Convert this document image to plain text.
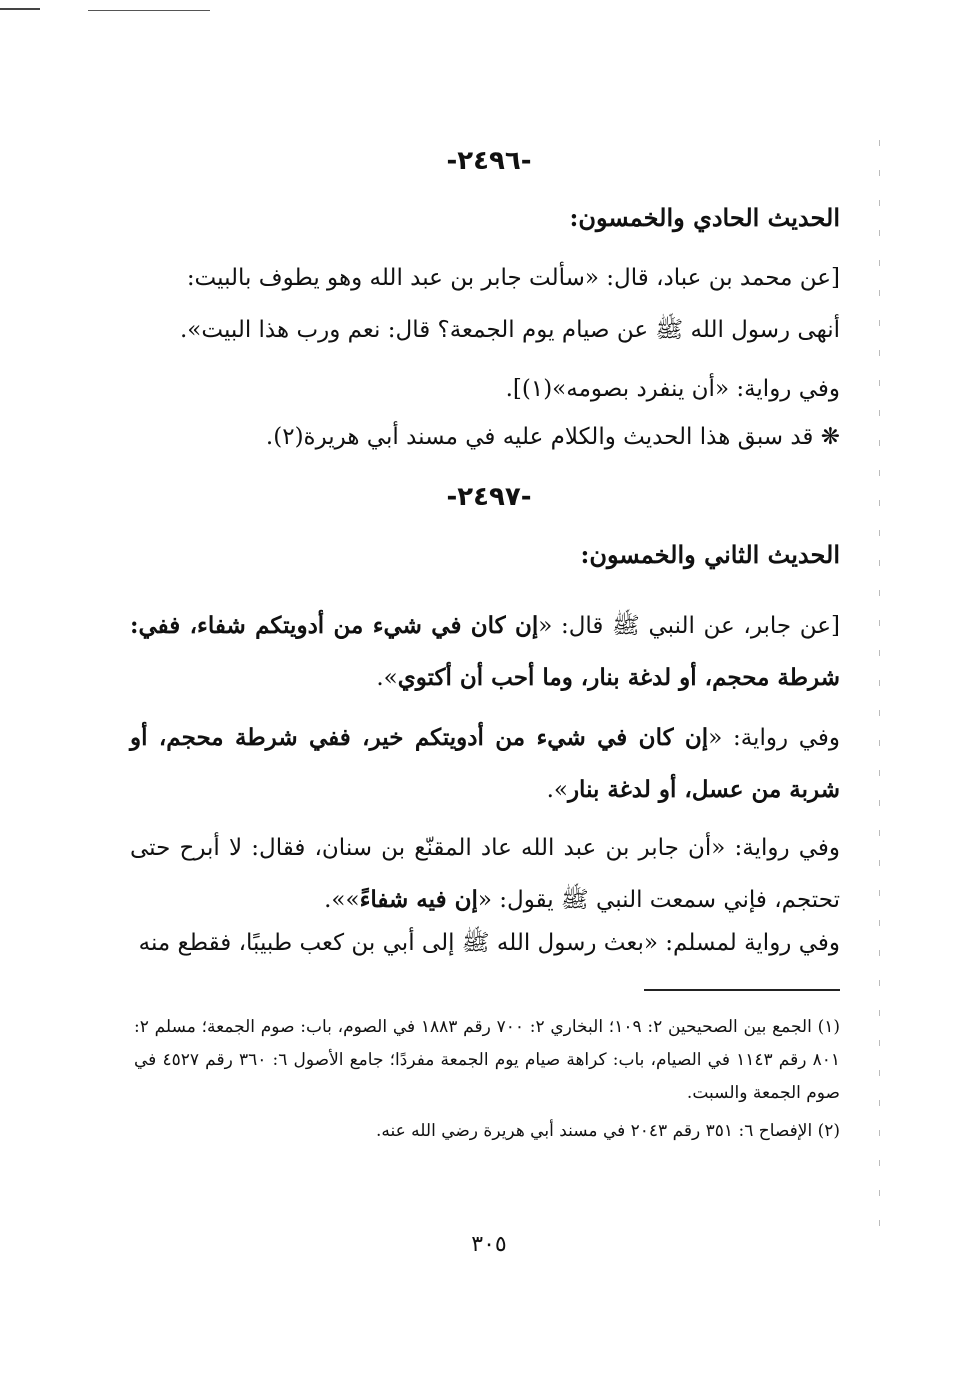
-٢٤٩٦-
الحديث الحادي والخمسون:
[عن محمد بن عباد، قال: «سألت جابر بن عبد الله وهو يطوف بالبيت:
أنهى رسول الله ﷺ عن صيام يوم الجمعة؟ قال: نعم ورب هذا البيت».
وفي رواية: «أن ينفرد بصومه»(١)].
❋ قد سبق هذا الحديث والكلام عليه في مسند أبي هريرة(٢).
-٢٤٩٧-
الحديث الثاني والخمسون:
[عن جابر، عن النبي ﷺ قال: «إن كان في شيء من أدويتكم شفاء، ففي: شرطة محجم، أو لدغة بنار، وما أحب أن أكتوي».
وفي رواية: «إن كان في شيء من أدويتكم خير، ففي شرطة محجم، أو شربة من عسل، أو لدغة بنار».
وفي رواية: «أن جابر بن عبد الله عاد المقنّع بن سنان، فقال: لا أبرح حتى تحتجم، فإني سمعت النبي ﷺ يقول: «إن فيه شفاءً»».
وفي رواية لمسلم: «بعث رسول الله ﷺ إلى أبي بن كعب طبيبًا، فقطع منه
(١) الجمع بين الصحيحين ٢: ١٠٩؛ البخاري ٢: ٧٠٠ رقم ١٨٨٣ في الصوم، باب: صوم الجمعة؛ مسلم ٢: ٨٠١ رقم ١١٤٣ في الصيام، باب: كراهة صيام يوم الجمعة مفردًا؛ جامع الأصول ٦: ٣٦٠ رقم ٤٥٢٧ في صوم الجمعة والسبت.
(٢) الإفصاح ٦: ٣٥١ رقم ٢٠٤٣ في مسند أبي هريرة رضي الله عنه.
٣٠٥
